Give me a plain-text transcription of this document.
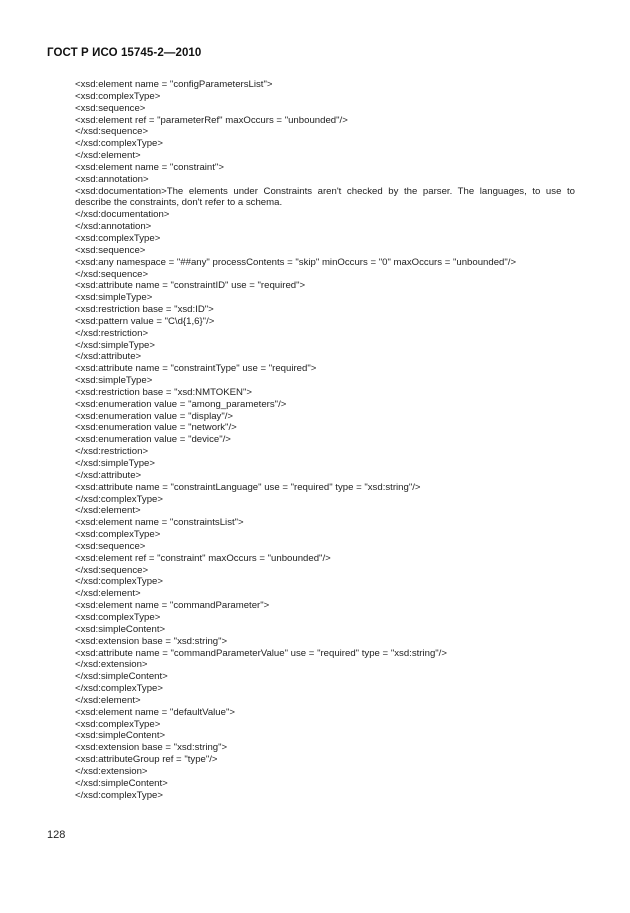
ГОСТ Р ИСО 15745-2—2010
<xsd:element name = "configParametersList">
<xsd:complexType>
<xsd:sequence>
<xsd:element ref = "parameterRef" maxOccurs = "unbounded"/>
</xsd:sequence>
</xsd:complexType>
</xsd:element>
<xsd:element name = "constraint">
<xsd:annotation>
<xsd:documentation>The elements under Constraints aren't checked by the parser. The languages, to use to describe the constraints, don't refer to a schema.
</xsd:documentation>
</xsd:annotation>
<xsd:complexType>
<xsd:sequence>
<xsd:any namespace = "##any" processContents = "skip" minOccurs = "0" maxOccurs = "unbounded"/>
</xsd:sequence>
<xsd:attribute name = "constraintID" use = "required">
<xsd:simpleType>
<xsd:restriction base = "xsd:ID">
<xsd:pattern value = "C\d{1,6}"/>
</xsd:restriction>
</xsd:simpleType>
</xsd:attribute>
<xsd:attribute name = "constraintType" use = "required">
<xsd:simpleType>
<xsd:restriction base = "xsd:NMTOKEN">
<xsd:enumeration value = "among_parameters"/>
<xsd:enumeration value = "display"/>
<xsd:enumeration value = "network"/>
<xsd:enumeration value = "device"/>
</xsd:restriction>
</xsd:simpleType>
</xsd:attribute>
<xsd:attribute name = "constraintLanguage" use = "required" type = "xsd:string"/>
</xsd:complexType>
</xsd:element>
<xsd:element name = "constraintsList">
<xsd:complexType>
<xsd:sequence>
<xsd:element ref = "constraint" maxOccurs = "unbounded"/>
</xsd:sequence>
</xsd:complexType>
</xsd:element>
<xsd:element name = "commandParameter">
<xsd:complexType>
<xsd:simpleContent>
<xsd:extension base = "xsd:string">
<xsd:attribute name = "commandParameterValue" use = "required" type = "xsd:string"/>
</xsd:extension>
</xsd:simpleContent>
</xsd:complexType>
</xsd:element>
<xsd:element name = "defaultValue">
<xsd:complexType>
<xsd:simpleContent>
<xsd:extension base = "xsd:string">
<xsd:attributeGroup ref = "type"/>
</xsd:extension>
</xsd:simpleContent>
</xsd:complexType>
128
